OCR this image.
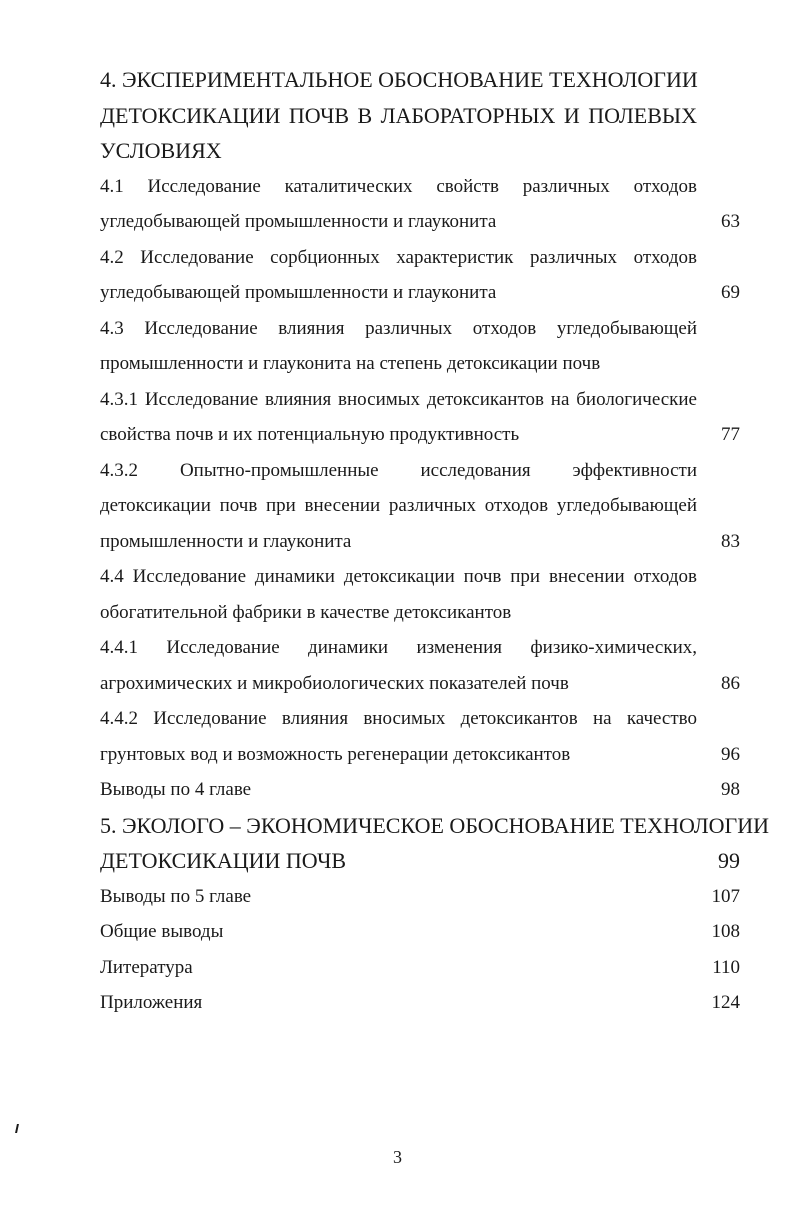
4. ЭКСПЕРИМЕНТАЛЬНОЕ ОБОСНОВАНИЕ ТЕХНОЛОГИИ
ДЕТОКСИКАЦИИ ПОЧВ В ЛАБОРАТОРНЫХ И ПОЛЕВЫХ
УСЛОВИЯХ
4.1 Исследование каталитических свойств различных отходов
угледобывающей промышленности и глауконита	63
4.2 Исследование сорбционных характеристик различных отходов
угледобывающей промышленности и глауконита	69
4.3 Исследование влияния различных отходов угледобывающей
промышленности и глауконита на степень детоксикации почв
4.3.1 Исследование влияния вносимых детоксикантов на биологические
свойства почв и их потенциальную продуктивность	77
4.3.2 Опытно-промышленные исследования эффективности
детоксикации почв при внесении различных отходов угледобывающей
промышленности и глауконита	83
4.4 Исследование динамики детоксикации почв при внесении отходов
обогатительной фабрики в качестве детоксикантов
4.4.1 Исследование динамики изменения физико-химических,
агрохимических и микробиологических показателей почв	86
4.4.2 Исследование влияния вносимых детоксикантов на качество
грунтовых вод и возможность регенерации детоксикантов	96
Выводы по 4 главе	98
5. ЭКОЛОГО – ЭКОНОМИЧЕСКОЕ ОБОСНОВАНИЕ ТЕХНОЛОГИИ
ДЕТОКСИКАЦИИ ПОЧВ	99
Выводы по 5 главе	107
Общие выводы	108
Литература	110
Приложения	124
3
